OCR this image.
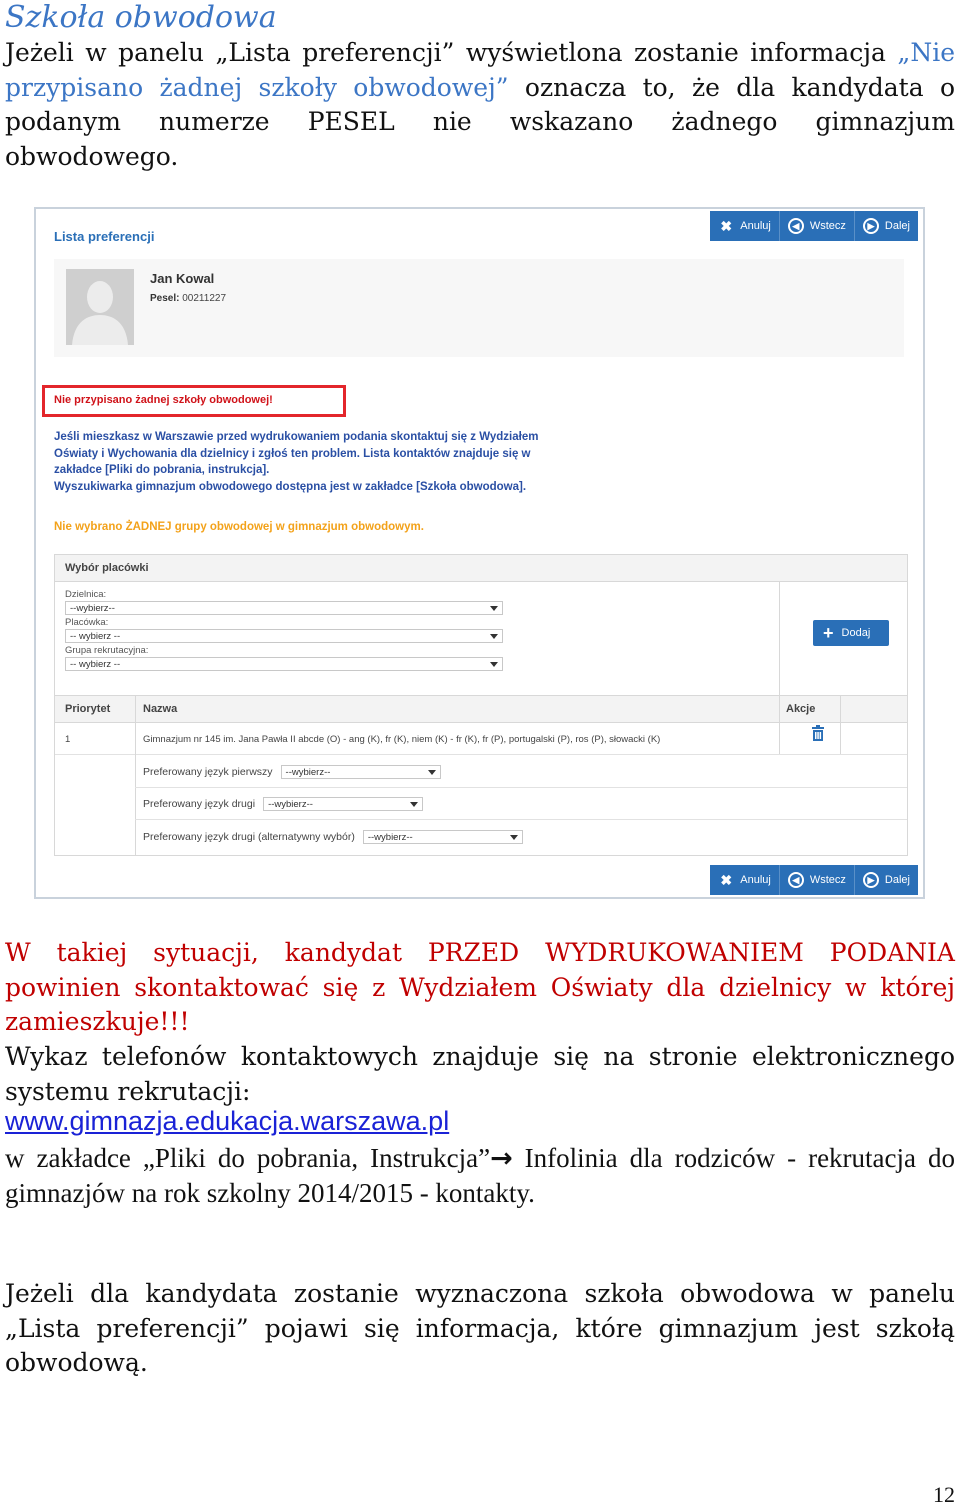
Szkoła obwodowa
Jeżeli w panelu „Lista preferencji” wyświetlona zostanie informacja „Nie przypisano żadnej szkoły obwodowej” oznacza to, że dla kandydata o podanym numerze PESEL nie wskazano żadnego gimnazjum obwodowego.
✖ Anuluj	◀ Wstecz	▶ Dalej
Lista preferencji
Jan Kowal
Pesel: 00211227
Nie przypisano żadnej szkoły obwodowej!
Jeśli mieszkasz w Warszawie przed wydrukowaniem podania skontaktuj się z Wydziałem
Oświaty i Wychowania dla dzielnicy i zgłoś ten problem. Lista kontaktów znajduje się w
zakładce [Pliki do pobrania, instrukcja].
Wyszukiwarka gimnazjum obwodowego dostępna jest w zakładce [Szkoła obwodowa].
Nie wybrano ŻADNEJ grupy obwodowej w gimnazjum obwodowym.
Wybór placówki
Dzielnica:
--wybierz--
Placówka:
-- wybierz --
Grupa rekrutacyjna:
-- wybierz --
+ Dodaj
Priorytet	Nazwa	Akcje
1	Gimnazjum nr 145 im. Jana Pawła II abcde (O) - ang (K), fr (K), niem (K) - fr (K), fr (P), portugalski (P), ros (P), słowacki (K)
Preferowany język pierwszy	--wybierz--
Preferowany język drugi	--wybierz--
Preferowany język drugi (alternatywny wybór)	--wybierz--
✖ Anuluj	◀ Wstecz	▶ Dalej
W takiej sytuacji, kandydat PRZED WYDRUKOWANIEM PODANIA powinien skontaktować się z Wydziałem Oświaty dla dzielnicy w której zamieszkuje!!!
Wykaz telefonów kontaktowych znajduje się na stronie elektronicznego systemu rekrutacji:
www.gimnazja.edukacja.warszawa.pl
w zakładce „Pliki do pobrania, Instrukcja”→ Infolinia dla rodziców - rekrutacja do gimnazjów na rok szkolny 2014/2015 - kontakty.
Jeżeli dla kandydata zostanie wyznaczona szkoła obwodowa w panelu „Lista preferencji” pojawi się informacja, które gimnazjum jest szkołą obwodową.
12
